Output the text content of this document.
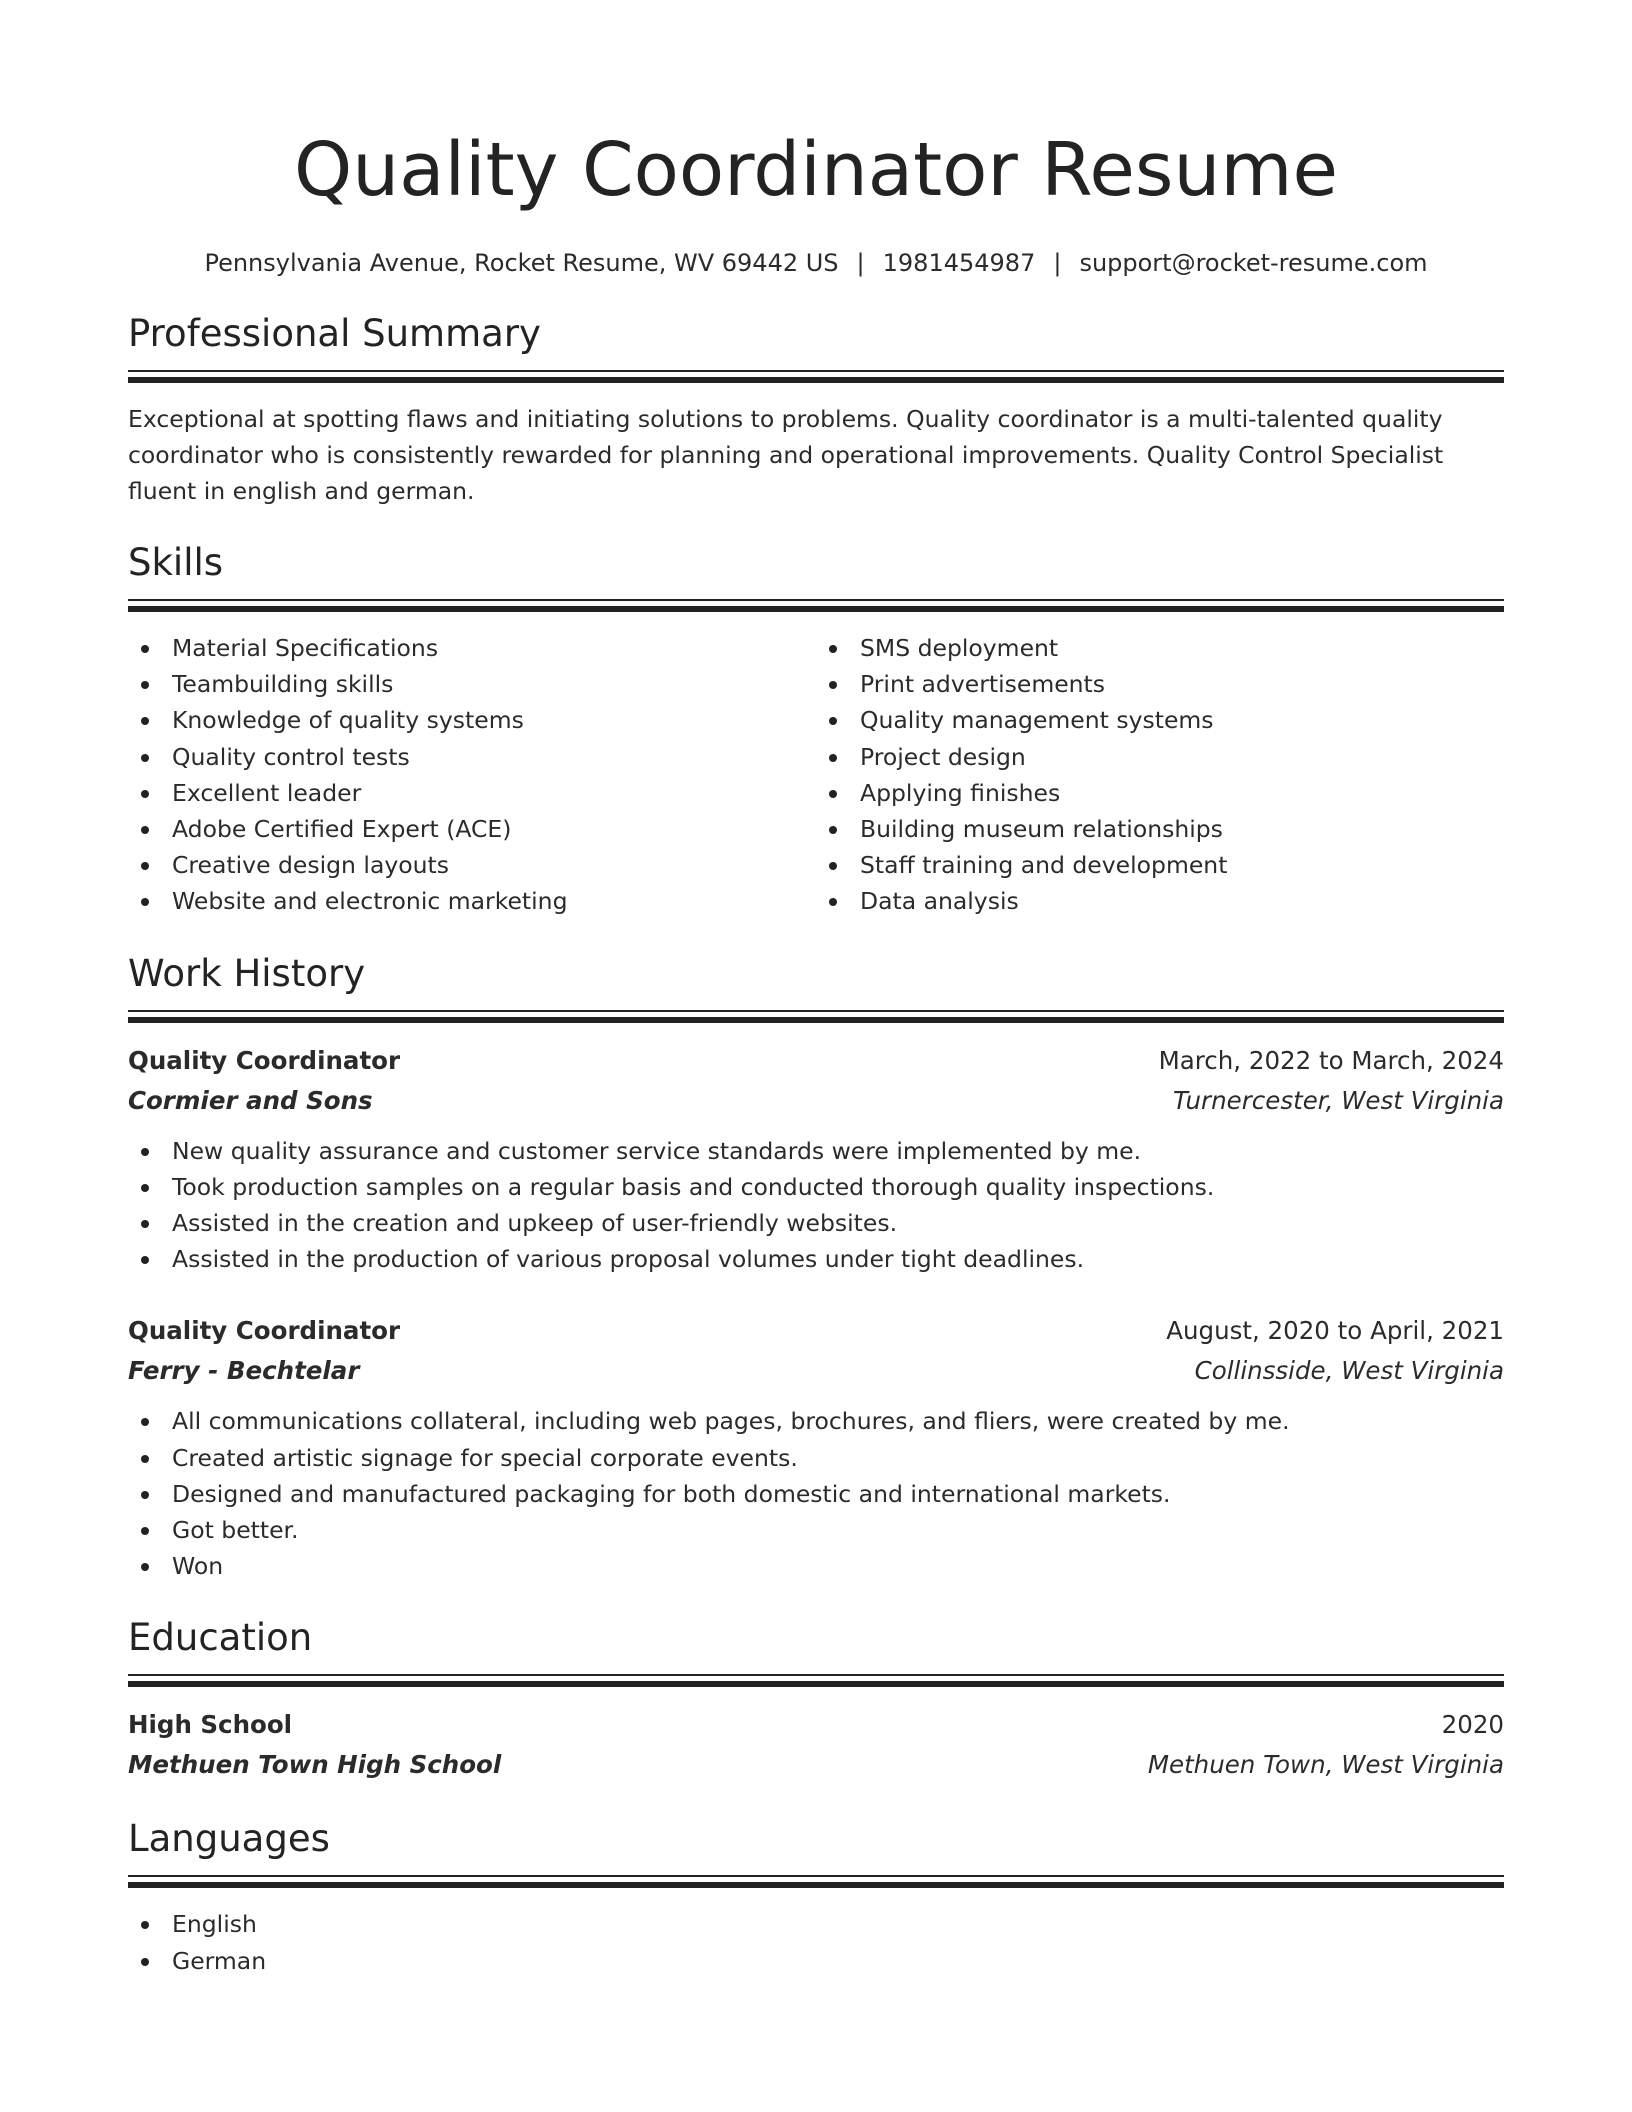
Quality Coordinator Resume
Pennsylvania Avenue, Rocket Resume, WV 69442 US | 1981454987 | support@rocket-resume.com
Professional Summary

Exceptional at spotting flaws and initiating solutions to problems. Quality coordinator is a multi-talented quality coordinator who is consistently rewarded for planning and operational improvements. Quality Control Specialist fluent in english and german.

Skills
Material Specifications
Teambuilding skills
Knowledge of quality systems
Quality control tests
Excellent leader
Adobe Certified Expert (ACE)
Creative design layouts
Website and electronic marketing
SMS deployment
Print advertisements
Quality management systems
Project design
Applying finishes
Building museum relationships
Staff training and development
Data analysis
Work History
Quality Coordinator	March, 2022 to March, 2024
Cormier and Sons	Turnercester, West Virginia
New quality assurance and customer service standards were implemented by me.
Took production samples on a regular basis and conducted thorough quality inspections.
Assisted in the creation and upkeep of user-friendly websites.
Assisted in the production of various proposal volumes under tight deadlines.
Quality Coordinator	August, 2020 to April, 2021
Ferry - Bechtelar	Collinsside, West Virginia
All communications collateral, including web pages, brochures, and fliers, were created by me.
Created artistic signage for special corporate events.
Designed and manufactured packaging for both domestic and international markets.
Got better.
Won
Education
High School	2020
Methuen Town High School	Methuen Town, West Virginia
Languages
English
German
